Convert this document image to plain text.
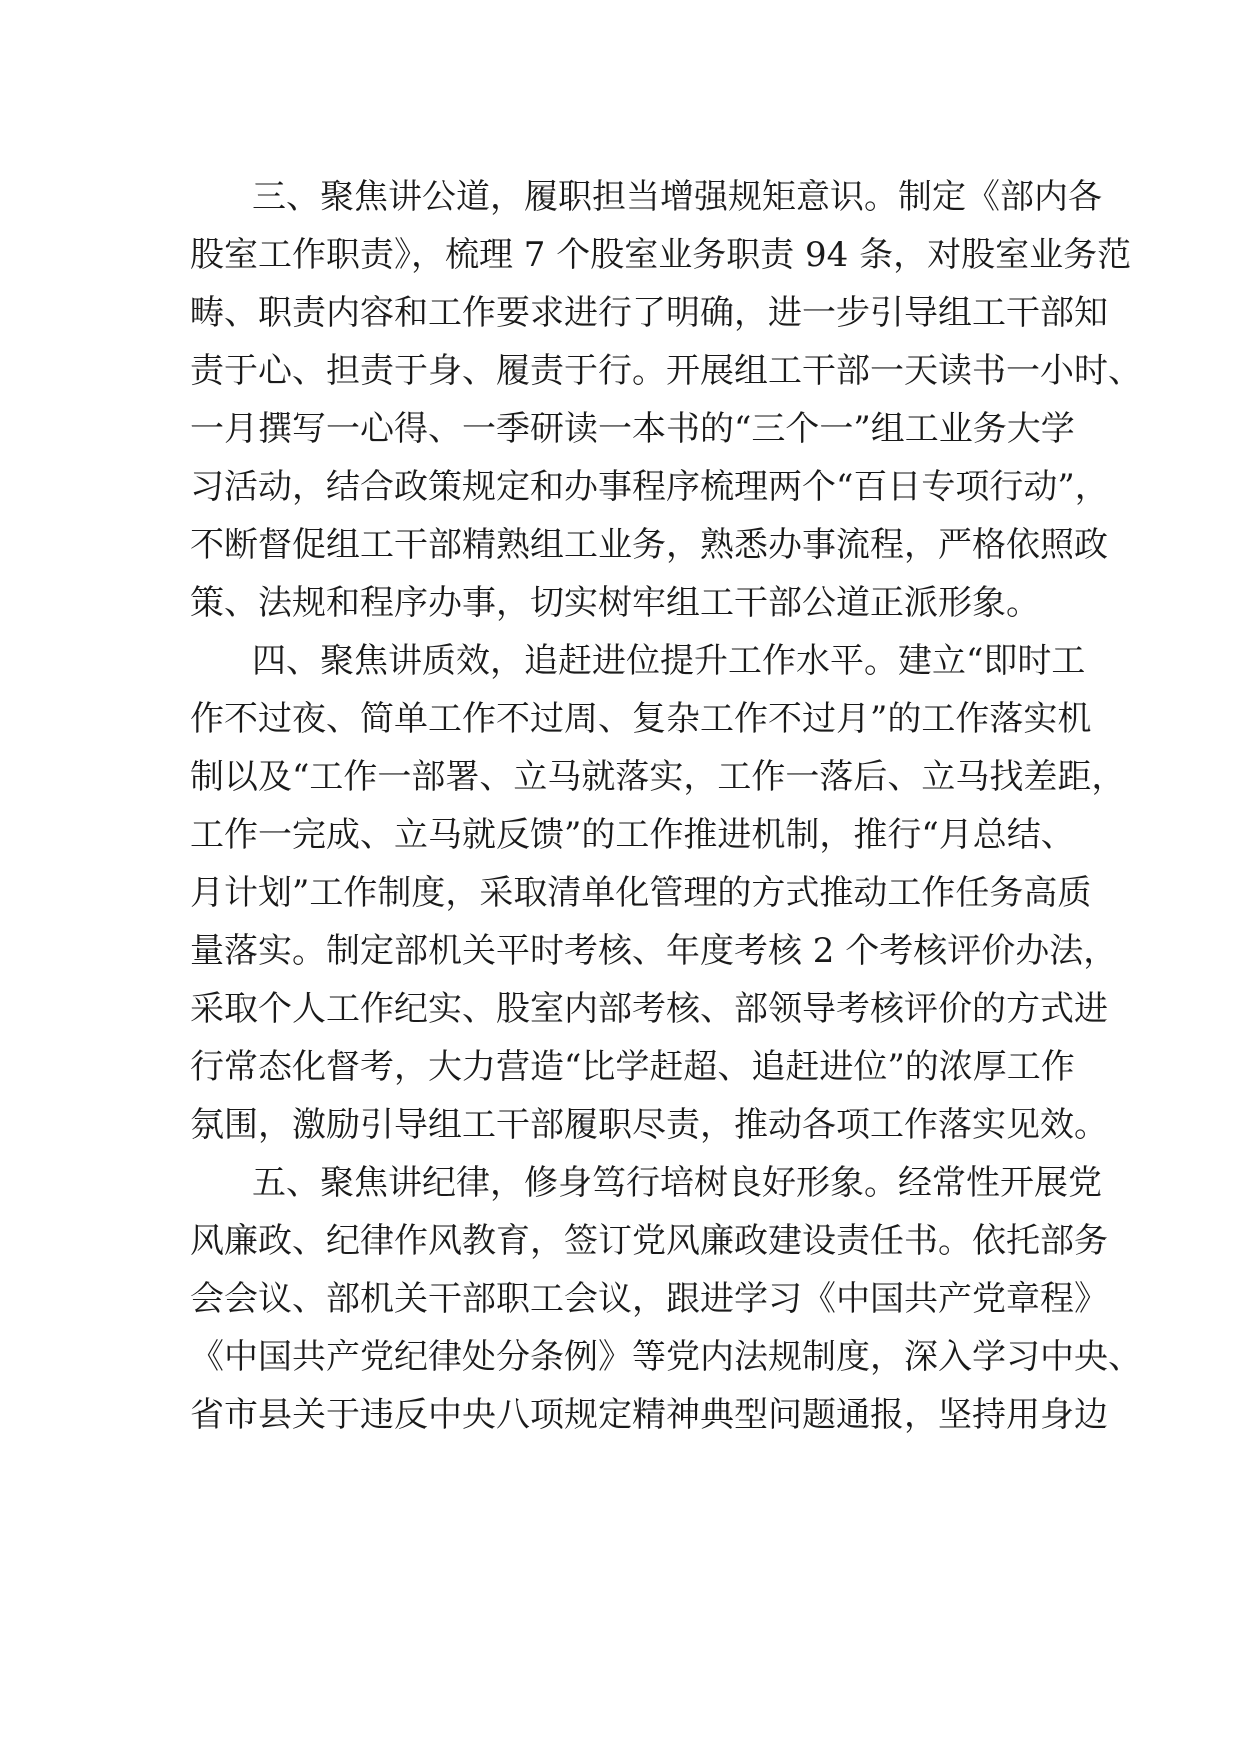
三、聚焦讲公道，履职担当增强规矩意识。制定《部内各
股室工作职责》，梳理 7 个股室业务职责 94 条，对股室业务范
畴、职责内容和工作要求进行了明确，进一步引导组工干部知
责于心、担责于身、履责于行。开展组工干部一天读书一小时、
一月撰写一心得、一季研读一本书的“三个一”组工业务大学
习活动，结合政策规定和办事程序梳理两个“百日专项行动”，
不断督促组工干部精熟组工业务，熟悉办事流程，严格依照政
策、法规和程序办事，切实树牢组工干部公道正派形象。
四、聚焦讲质效，追赶进位提升工作水平。建立“即时工
作不过夜、简单工作不过周、复杂工作不过月”的工作落实机
制以及“工作一部署、立马就落实，工作一落后、立马找差距，
工作一完成、立马就反馈”的工作推进机制，推行“月总结、
月计划”工作制度，采取清单化管理的方式推动工作任务高质
量落实。制定部机关平时考核、年度考核 2 个考核评价办法，
采取个人工作纪实、股室内部考核、部领导考核评价的方式进
行常态化督考，大力营造“比学赶超、追赶进位”的浓厚工作
氛围，激励引导组工干部履职尽责，推动各项工作落实见效。
五、聚焦讲纪律，修身笃行培树良好形象。经常性开展党
风廉政、纪律作风教育，签订党风廉政建设责任书。依托部务
会会议、部机关干部职工会议，跟进学习《中国共产党章程》
《中国共产党纪律处分条例》等党内法规制度，深入学习中央、
省市县关于违反中央八项规定精神典型问题通报，坚持用身边
